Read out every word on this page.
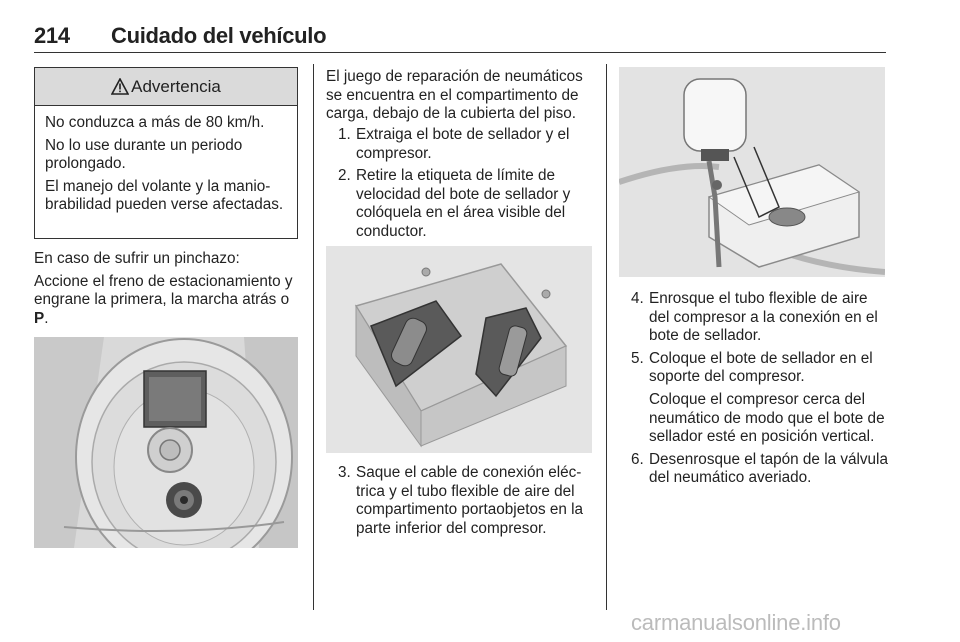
214 Cuidado del vehículo
Advertencia

No conduzca a más de 80 km/h.

No lo use durante un periodo prolongado.

El manejo del volante y la maniobrabilidad pueden verse afectadas.

En caso de sufrir un pinchazo:

Accione el freno de estacionamiento y engrane la primera, la marcha atrás o P.

El juego de reparación de neumáticos se encuentra en el compartimento de carga, debajo de la cubierta del piso.

1. Extraiga el bote de sellador y el compresor.
2. Retire la etiqueta de límite de velocidad del bote de sellador y colóquela en el área visible del conductor.
3. Saque el cable de conexión eléctrica y el tubo flexible de aire del compartimento portaobjetos en la parte inferior del compresor.
4. Enrosque el tubo flexible de aire del compresor a la conexión en el bote de sellador.
5. Coloque el bote de sellador en el soporte del compresor.
Coloque el compresor cerca del neumático de modo que el bote de sellador esté en posición vertical.
6. Desenrosque el tapón de la válvula del neumático averiado.
carmanualsonline.info
